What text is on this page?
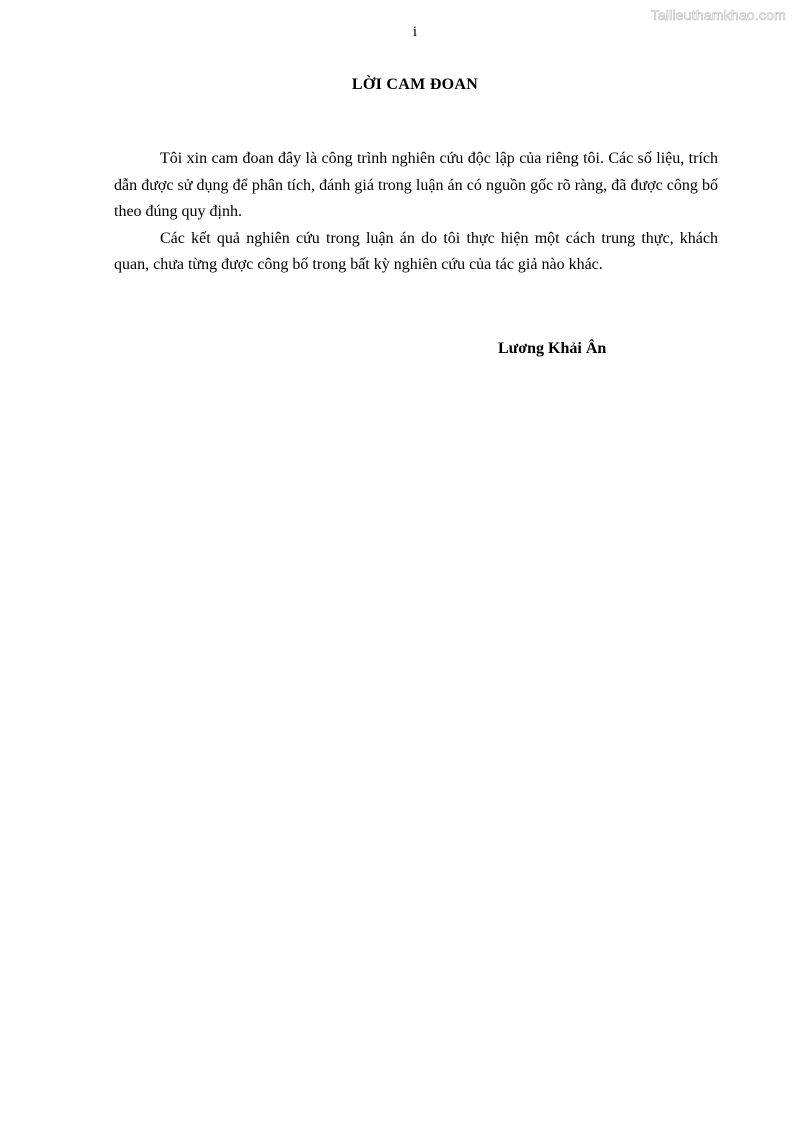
Tailieuthamkhao.com
i
LỜI CAM ĐOAN

Tôi xin cam đoan đây là công trình nghiên cứu độc lập của riêng tôi. Các số liệu, trích dẫn được sử dụng để phân tích, đánh giá trong luận án có nguồn gốc rõ ràng, đã được công bố theo đúng quy định.

Các kết quả nghiên cứu trong luận án do tôi thực hiện một cách trung thực, khách quan, chưa từng được công bố trong bất kỳ nghiên cứu của tác giả nào khác.

Lương Khải Ân
